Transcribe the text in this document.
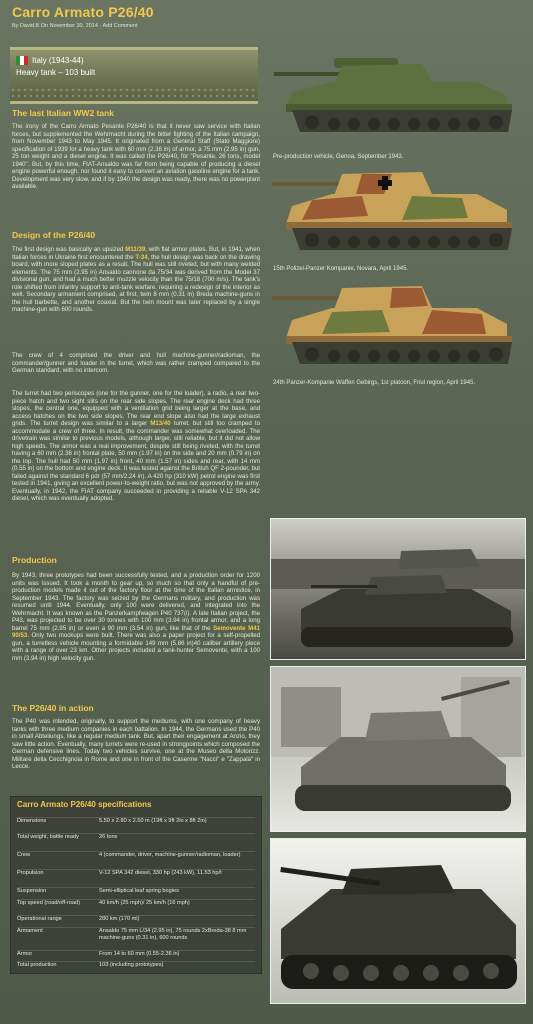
Carro Armato P26/40
By David.B On November 30, 2014 · Add Comment
Italy (1943-44)
Heavy tank – 103 built
The last Italian WW2 tank
The irony of the Carro Armato Pesante P26/40 is that it never saw service with Italian forces, but supplemented the Wehrmacht during the bitter fighting of the Italian campaign, from November 1943 to May 1945. It originated from a General Staff (Stato Maggiore) specification of 1939 for a heavy tank with 60 mm (2.36 in) of armor, a 75 mm (2.95 in) gun, 25 ton weight and a diesel engine. It was called the P26/40, for "Pesante, 26 tons, model 1940". But, by this time, FIAT-Ansaldo was far from being capable of producing a diesel engine powerful enough, nor found it easy to convert an aviation gasoline engine for a tank. Development was very slow, and if by 1940 the design was ready, there was no powerplant available.
Design of the P26/40
The first design was basically an upsized M11/39, with flat armor plates. But, in 1941, when Italian forces in Ukraine first encountered the T-34, the hull design was back on the drawing board, with more sloped plates as a result. The hull was still riveted, but with many welded elements. The 75 mm (2.95 in) Ansaldo cannone da 75/34 was derived from the Model 37 divisional gun, and had a much better muzzle velocity than the 75/18 (700 m/s). The tank's role shifted from infantry support to anti-tank warfare, requiring a redesign of the interior as well. Secondary armament comprised, at first, twin 8 mm (0.31 in) Breda machine-guns in the hull barbette, and another coaxial. But the twin mount was later replaced by a single machine-gun with 600 rounds.
The crew of 4 comprised the driver and hull machine-gunner/radioman, the commander/gunner and loader in the turret, which was rather cramped compared to the German standard, with no intercom.
The turret had two periscopes (one for the gunner, one for the loader), a radio, a rear two-piece hatch and two sight slits on the rear side slopes. The rear engine deck had three slopes, the central one, equipped with a ventilation grid being larger at the base, and access hatches on the two side slopes. The rear end slope also had the large exhaust grids. The turret design was similar to a larger M13/40 turret, but still too cramped to accommodate a crew of three. In result, the commander was somewhat overloaded. The drivetrain was similar to previous models, although larger, still reliable, but it did not allow high speeds. The armor was a real improvement, despite still being riveted, with the turret having a 60 mm (2.36 in) frontal plate, 50 mm (1.97 in) on the side and 20 mm (0.79 in) on the top. The hull had 50 mm (1.97 in) front, 40 mm (1.57 in) sides and rear, with 14 mm (0.55 in) on the bottom and engine deck. It was tested against the British QF 2-pounder, but failed against the standard 6 pdr (57 mm/2.24 in). A 420 hp (310 kW) petrol engine was first tested in 1941, giving an excellent power-to-weight ratio, but was not approved by the army. Eventually, in 1942, the FIAT company succeeded in providing a reliable V-12 SPA 342 diesel, which was eventually adopted.
Production
By 1943, three prototypes had been successfully tested, and a production order for 1200 units was issued. It took a month to gear up, so much so that only a handful of pre-production models made it out of the factory floor at the time of the Italian armistice, in September 1943. The factory was seized by the Germans military, and production was resumed until 1944. Eventually, only 100 were delivered, and integrated into the Wehrmacht. It was known as the Panzerkampfwagen P40 737(i). A late Italian project, the P43, was projected to be over 30 tonnes with 100 mm (3.94 in) frontal armor, and a long barrel 75 mm (2.95 in) or even a 90 mm (3.54 in) gun, like that of the Semovente M41 90/53. Only two mockups were built. There was also a paper project for a self-propelled gun, a turretless vehicle mounting a formidable 149 mm (5.86 in)40 caliber artillery piece with a range of over 23 km. Other projects included a tank-hunter Semovente, with a 100 mm (3.94 in) high velocity gun.
The P26/40 in action
The P40 was intended, originally, to support the mediums, with one company of heavy tanks with three medium companies in each battalion. In 1944, the Germans used the P40 in small Abteilungs, like a regular medium tank. But, apart their engagement at Anzio, they saw little action. Eventually, many turrets were re-used in strongpoints which composed the German defensive lines. Today two vehicles survive, one at the Museo della Motorizz. Militare della Cecchignola in Rome and one in front of the Caserme "Nacci" e "Zappalà" in Lecce.
Carro Armato P26/40 specifications
Dimensions	5.50 x 2.80 x 2.50 m (19ft x 9ft 2in x 8ft 2in)
Total weight, battle ready	26 tons
Crew	4 (commander, driver, machine-gunner/radioman, loader)
Propulsion	V-12 SPA 342 diesel, 330 hp (243 kW), 11.53 hp/t
Suspension	Semi-elliptical leaf spring bogies
Top speed (road/off-road)	40 km/h (25 mph)/ 25 km/h (16 mph)
Operational range	280 km (170 mi)
Armament	Ansaldo 75 mm L/34 (2.95 in), 75 rounds 2xBreda-38 8 mm machine-guns (0.31 in), 600 rounds
Armor	From 14 to 60 mm (0.55-2.36 in)
Total production	103 (including prototypes)
Pre-production vehicle, Genoa, September 1943.
15th Polizei-Panzer Kompanie, Novara, April 1945.
24th Panzer-Kompanie Waffen Gebirgs, 1st platoon, Friul region, April 1945.
